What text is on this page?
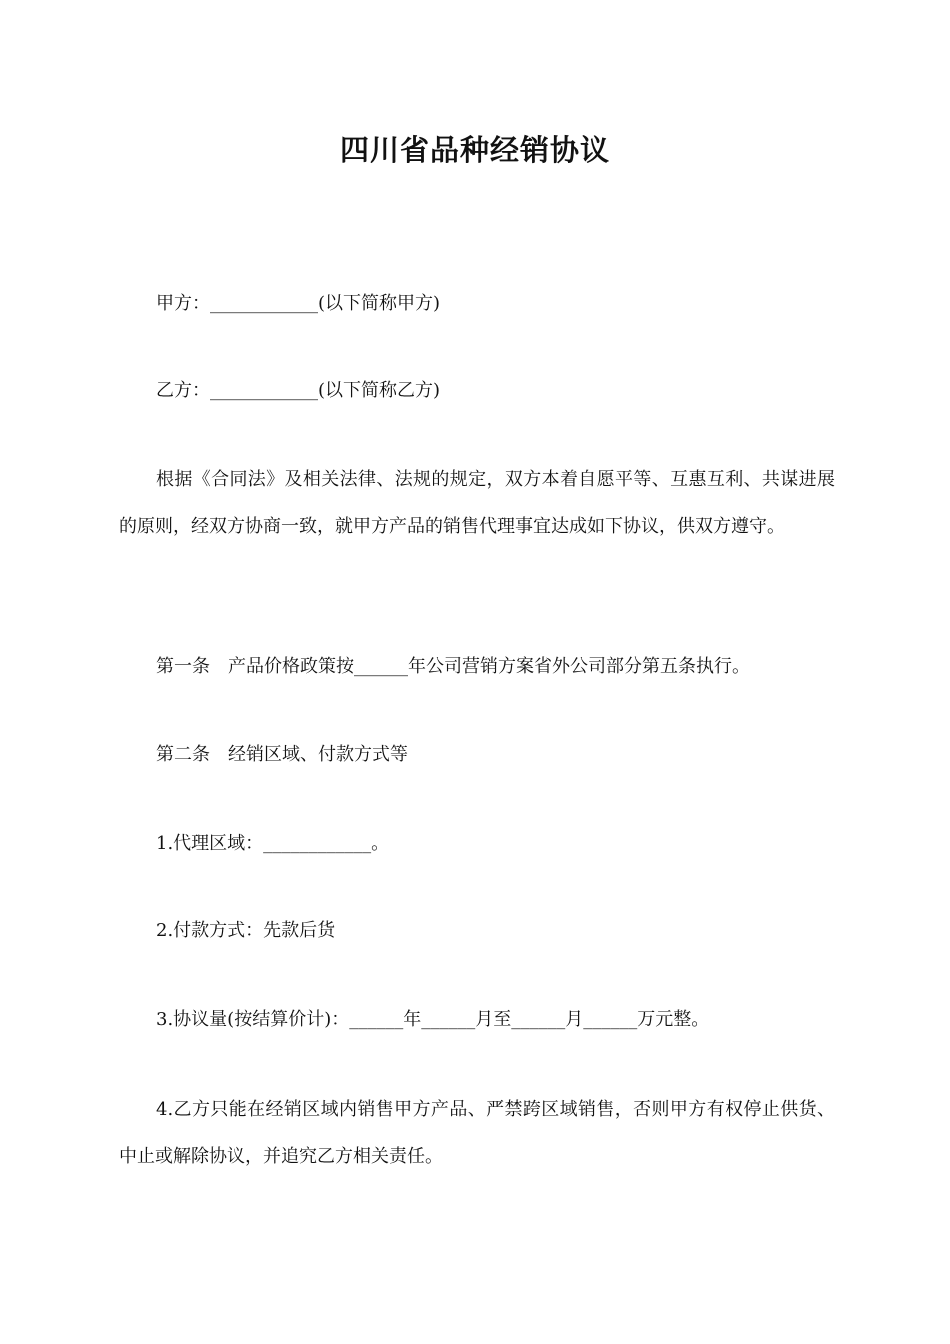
四川省品种经销协议
甲方：____________(以下简称甲方)
乙方：____________(以下简称乙方)
根据《合同法》及相关法律、法规的规定，双方本着自愿平等、互惠互利、共谋进展的原则，经双方协商一致，就甲方产品的销售代理事宜达成如下协议，供双方遵守。
第一条　产品价格政策按______年公司营销方案省外公司部分第五条执行。
第二条　经销区域、付款方式等
1.代理区域：____________。
2.付款方式：先款后货
3.协议量(按结算价计)：______年______月至______月______万元整。
4.乙方只能在经销区域内销售甲方产品、严禁跨区域销售，否则甲方有权停止供货、中止或解除协议，并追究乙方相关责任。
